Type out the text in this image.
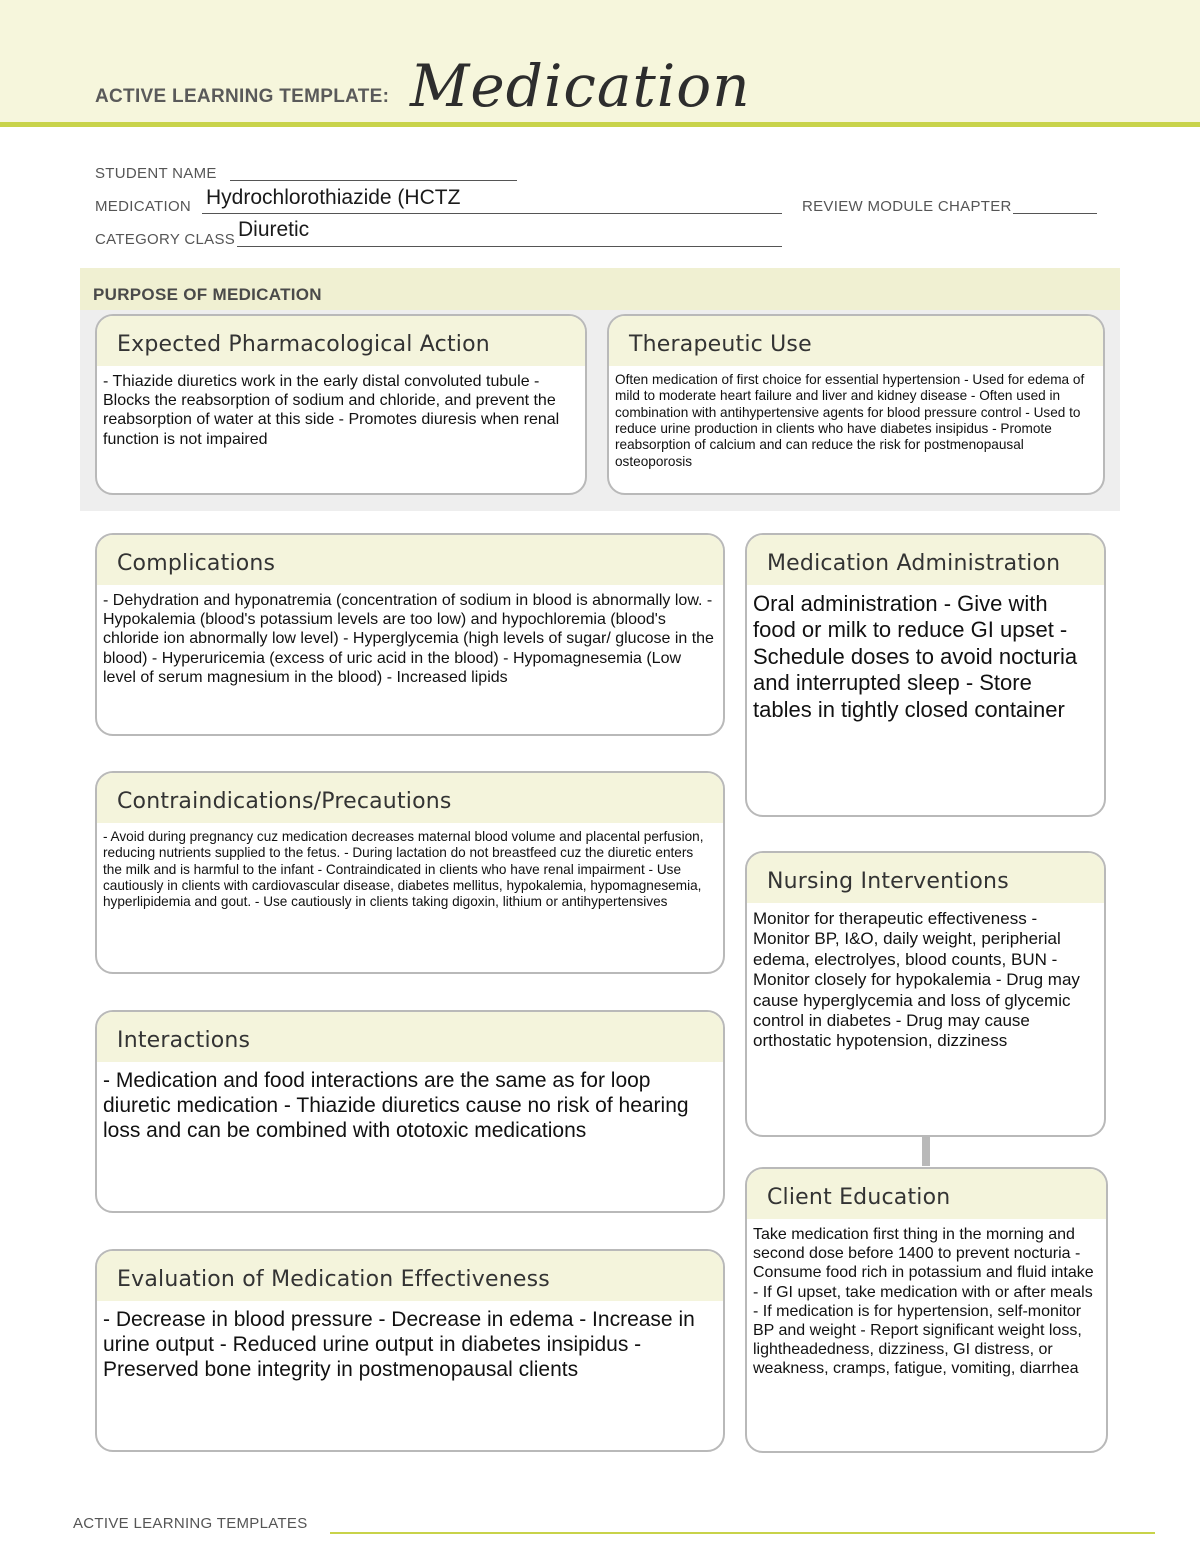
ACTIVE LEARNING TEMPLATE: Medication
STUDENT NAME
MEDICATION Hydrochlorothiazide (HCTZ	REVIEW MODULE CHAPTER
CATEGORY CLASS Diuretic
PURPOSE OF MEDICATION
Expected Pharmacological Action
- Thiazide diuretics work in the early distal convoluted tubule - Blocks the reabsorption of sodium and chloride, and prevent the reabsorption of water at this side - Promotes diuresis when renal function is not impaired
Therapeutic Use
Often medication of first choice for essential hypertension - Used for edema of mild to moderate heart failure and liver and kidney disease - Often used in combination with antihypertensive agents for blood pressure control - Used to reduce urine production in clients who have diabetes insipidus - Promote reabsorption of calcium and can reduce the risk for postmenopausal osteoporosis
Complications
- Dehydration and hyponatremia (concentration of sodium in blood is abnormally low. - Hypokalemia (blood's potassium levels are too low) and hypochloremia (blood's chloride ion abnormally low level) - Hyperglycemia (high levels of sugar/ glucose in the blood) - Hyperuricemia (excess of uric acid in the blood) - Hypomagnesemia (Low level of serum magnesium in the blood) - Increased lipids
Contraindications/Precautions
- Avoid during pregnancy cuz medication decreases maternal blood volume and placental perfusion, reducing nutrients supplied to the fetus. - During lactation do not breastfeed cuz the diuretic enters the milk and is harmful to the infant - Contraindicated in clients who have renal impairment - Use cautiously in clients with cardiovascular disease, diabetes mellitus, hypokalemia, hypomagnesemia, hyperlipidemia and gout. - Use cautiously in clients taking digoxin, lithium or antihypertensives
Interactions
- Medication and food interactions are the same as for loop diuretic medication - Thiazide diuretics cause no risk of hearing loss and can be combined with ototoxic medications
Evaluation of Medication Effectiveness
- Decrease in blood pressure - Decrease in edema - Increase in urine output - Reduced urine output in diabetes insipidus - Preserved bone integrity in postmenopausal clients
Medication Administration
Oral administration - Give with food or milk to reduce GI upset - Schedule doses to avoid nocturia and interrupted sleep - Store tables in tightly closed container
Nursing Interventions
Monitor for therapeutic effectiveness - Monitor BP, I&O, daily weight, peripherial edema, electrolyes, blood counts, BUN - Monitor closely for hypokalemia - Drug may cause hyperglycemia and loss of glycemic control in diabetes - Drug may cause orthostatic hypotension, dizziness
Client Education
Take medication first thing in the morning and second dose before 1400 to prevent nocturia - Consume food rich in potassium and fluid intake - If GI upset, take medication with or after meals - If medication is for hypertension, self-monitor BP and weight - Report significant weight loss, lightheadedness, dizziness, GI distress, or weakness, cramps, fatigue, vomiting, diarrhea
ACTIVE LEARNING TEMPLATES
